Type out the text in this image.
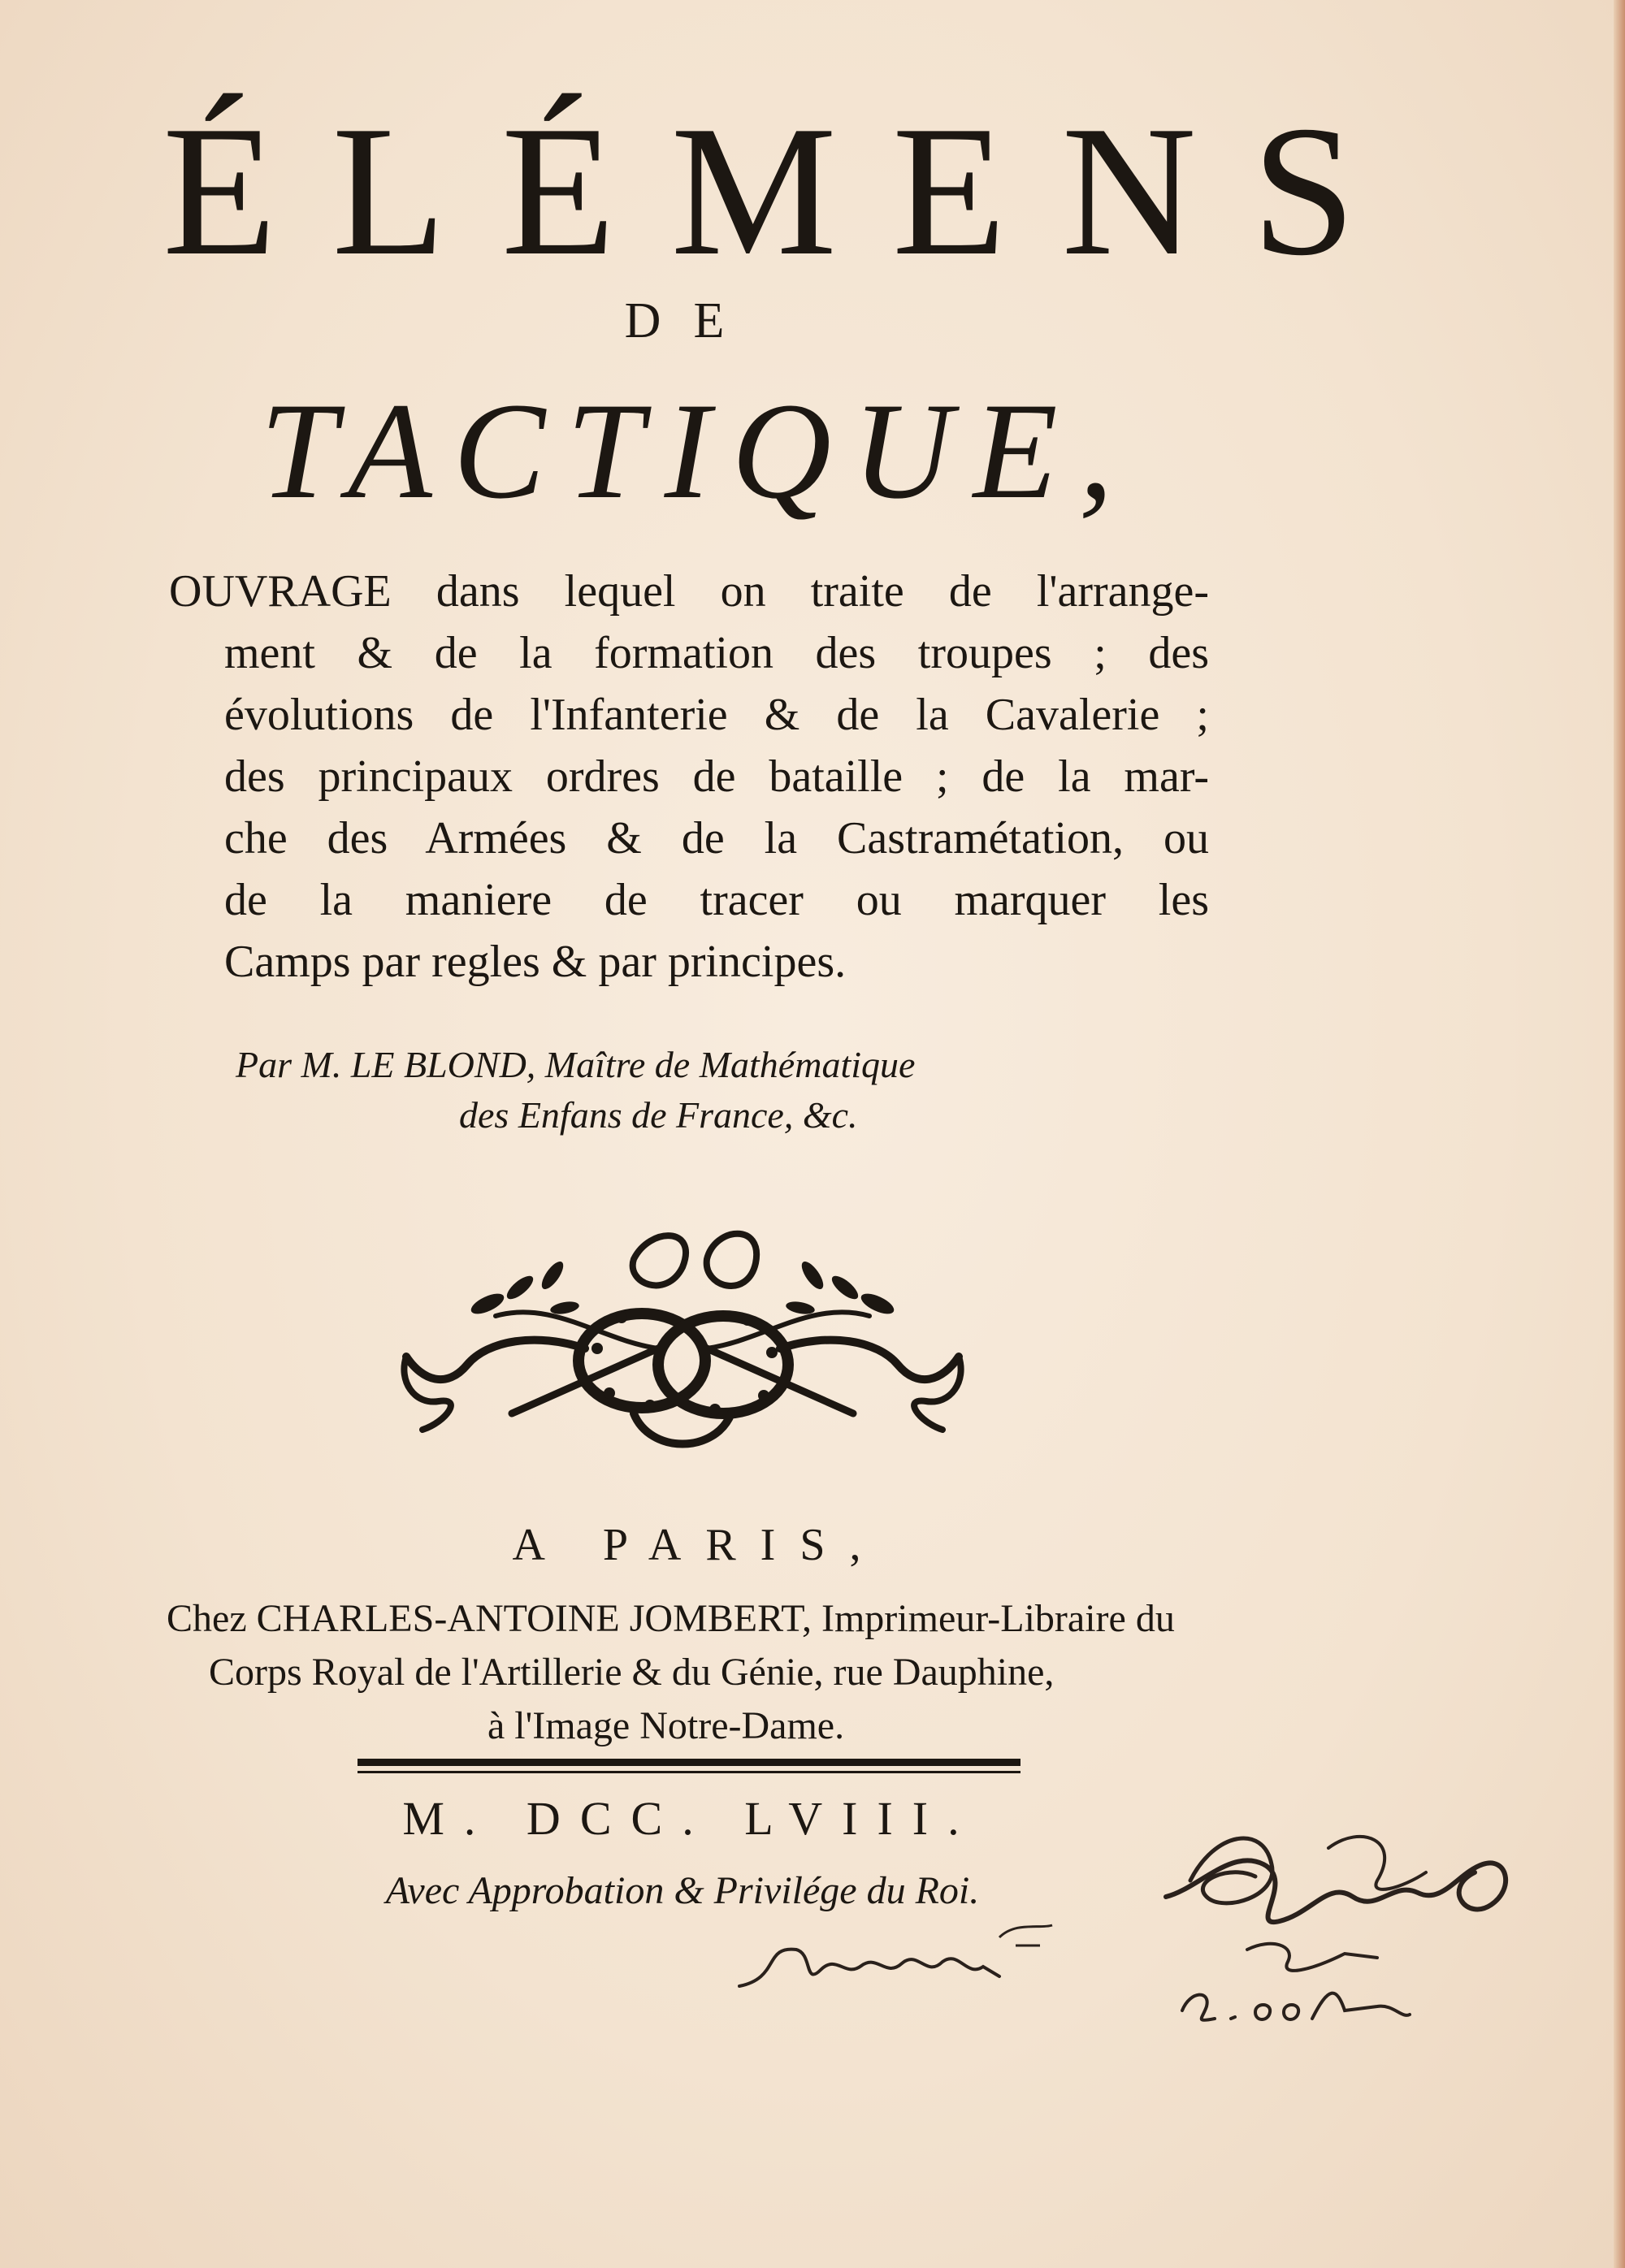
ÉLÉMENS
DE
TACTIQUE,
OUVRAGE dans lequel on traite de l'arrange-
ment & de la formation des troupes ; des
évolutions de l'Infanterie & de la Cavalerie ;
des principaux ordres de bataille ; de la mar-
che des Armées & de la Castramétation, ou
de la maniere de tracer ou marquer les
Camps par regles & par principes.
Par M. LE BLOND, Maître de Mathématique
des Enfans de France, &c.
A PARIS,
Chez CHARLES-ANTOINE JOMBERT, Imprimeur-Libraire du
Corps Royal de l'Artillerie & du Génie, rue Dauphine,
à l'Image Notre-Dame.
M. DCC. LVIII.
Avec Approbation & Privilége du Roi.
